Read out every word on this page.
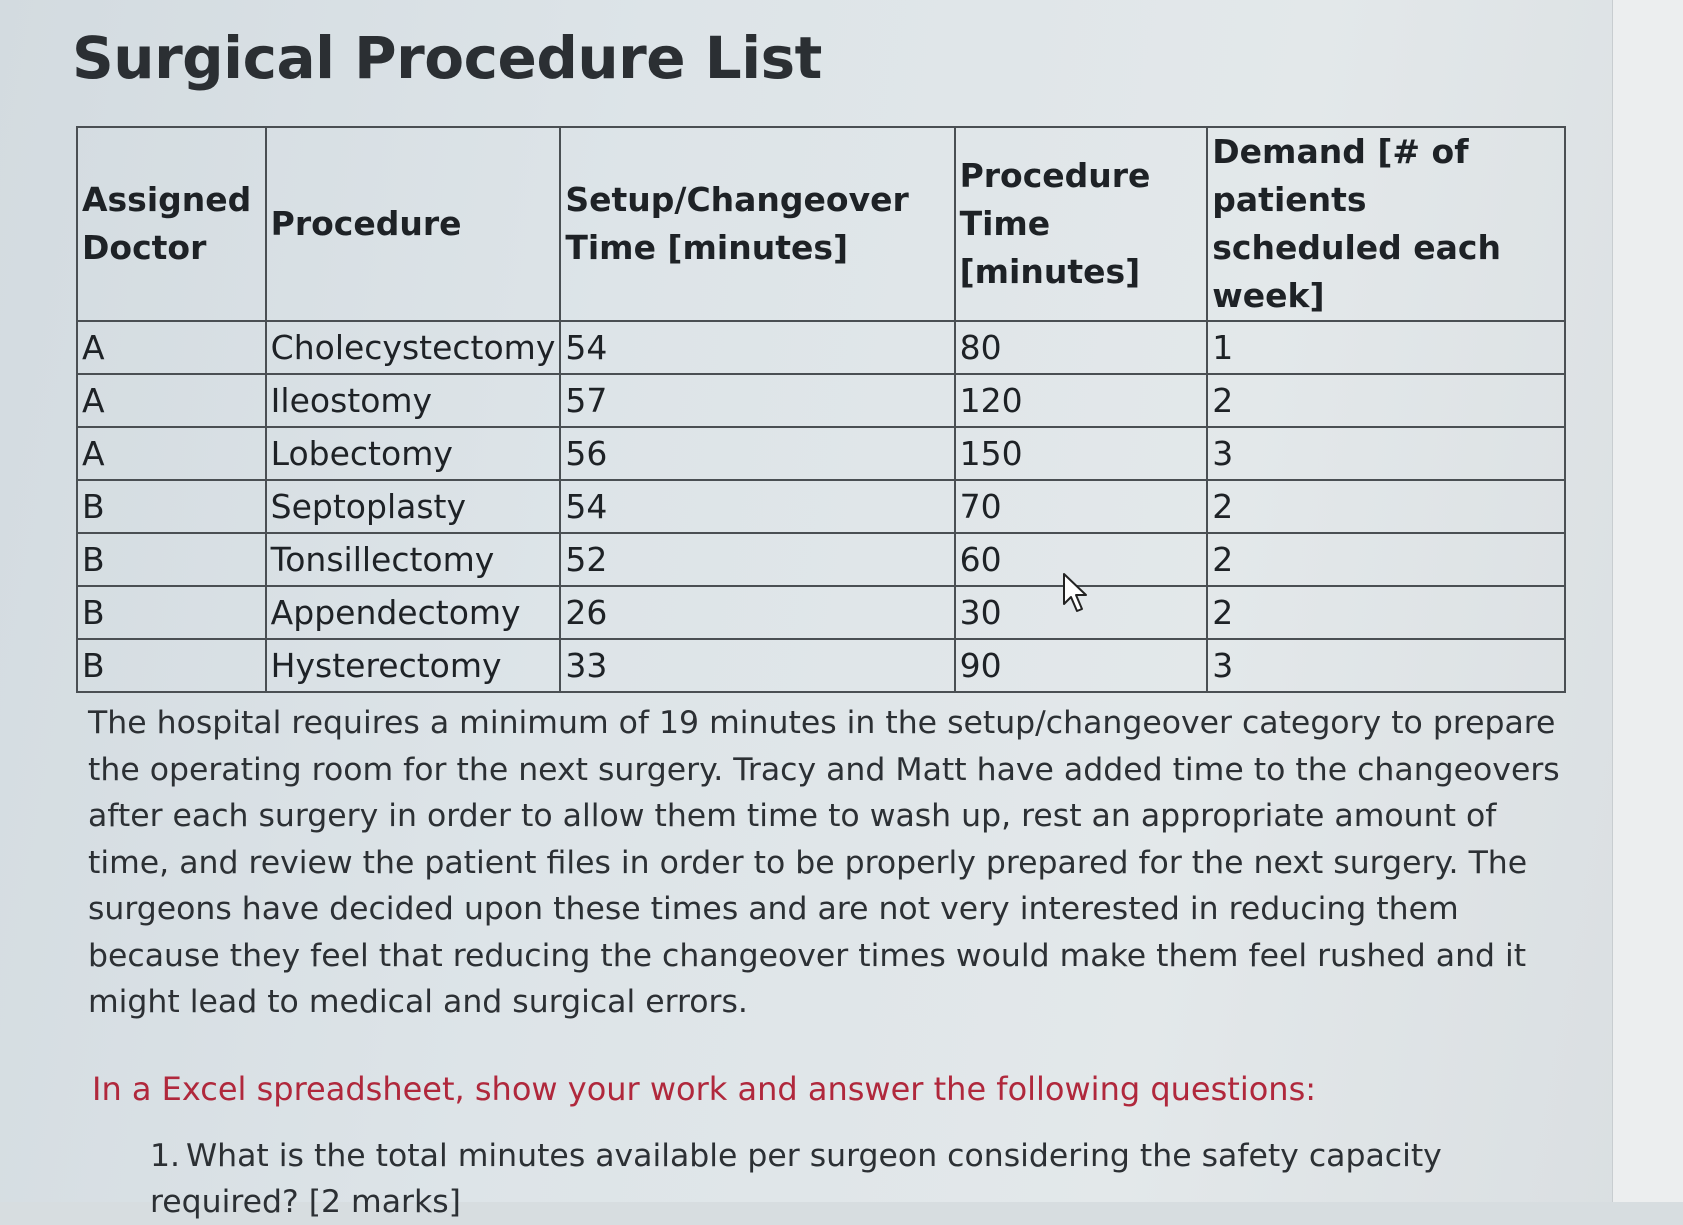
Surgical Procedure List
Assigned Doctor	Procedure	Setup/Changeover Time [minutes]	Procedure Time [minutes]	Demand [# of patients scheduled each week]
A	Cholecystectomy	54	80	1
A	Ileostomy	57	120	2
A	Lobectomy	56	150	3
B	Septoplasty	54	70	2
B	Tonsillectomy	52	60	2
B	Appendectomy	26	30	2
B	Hysterectomy	33	90	3

The hospital requires a minimum of 19 minutes in the setup/changeover category to prepare the operating room for the next surgery. Tracy and Matt have added time to the changeovers after each surgery in order to allow them time to wash up, rest an appropriate amount of time, and review the patient files in order to be properly prepared for the next surgery. The surgeons have decided upon these times and are not very interested in reducing them because they feel that reducing the changeover times would make them feel rushed and it might lead to medical and surgical errors.

In a Excel spreadsheet, show your work and answer the following questions:

1. What is the total minutes available per surgeon considering the safety capacity required? [2 marks]
